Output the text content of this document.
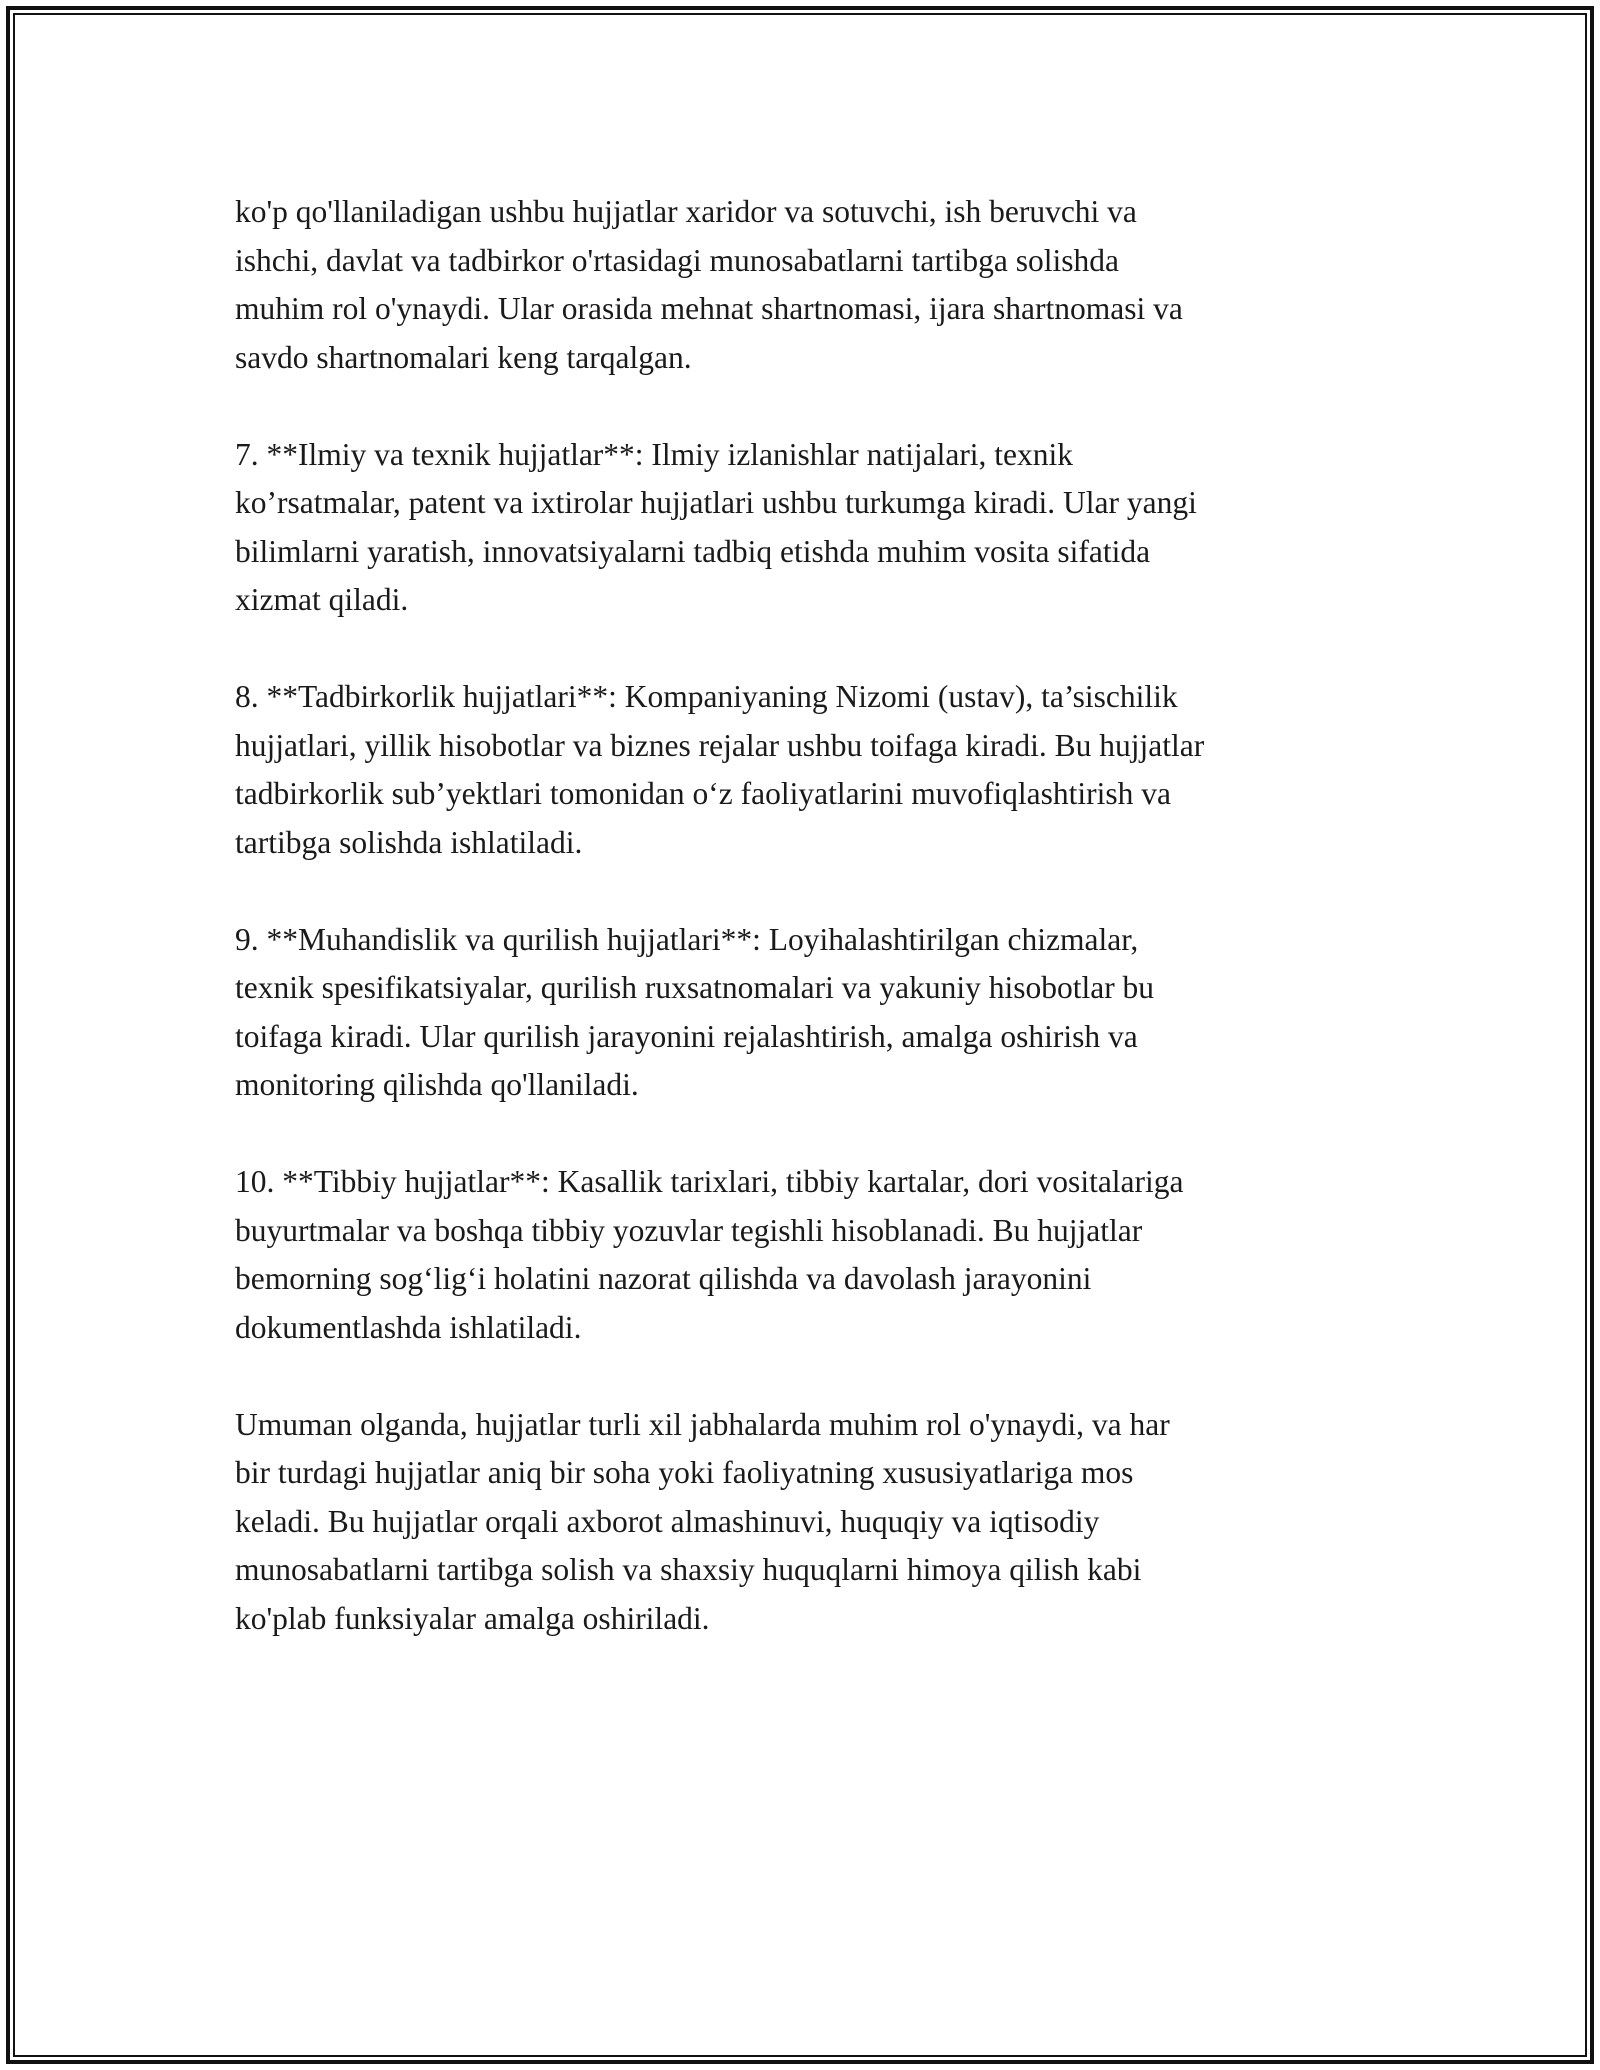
ko'p qo'llaniladigan ushbu hujjatlar xaridor va sotuvchi, ish beruvchi va
ishchi, davlat va tadbirkor o'rtasidagi munosabatlarni tartibga solishda
muhim rol o'ynaydi. Ular orasida mehnat shartnomasi, ijara shartnomasi va
savdo shartnomalari keng tarqalgan.

7. **Ilmiy va texnik hujjatlar**: Ilmiy izlanishlar natijalari, texnik
ko’rsatmalar, patent va ixtirolar hujjatlari ushbu turkumga kiradi. Ular yangi
bilimlarni yaratish, innovatsiyalarni tadbiq etishda muhim vosita sifatida
xizmat qiladi.

8. **Tadbirkorlik hujjatlari**: Kompaniyaning Nizomi (ustav), ta’sischilik
hujjatlari, yillik hisobotlar va biznes rejalar ushbu toifaga kiradi. Bu hujjatlar
tadbirkorlik sub’yektlari tomonidan o‘z faoliyatlarini muvofiqlashtirish va
tartibga solishda ishlatiladi.

9. **Muhandislik va qurilish hujjatlari**: Loyihalashtirilgan chizmalar,
texnik spesifikatsiyalar, qurilish ruxsatnomalari va yakuniy hisobotlar bu
toifaga kiradi. Ular qurilish jarayonini rejalashtirish, amalga oshirish va
monitoring qilishda qo'llaniladi.

10. **Tibbiy hujjatlar**: Kasallik tarixlari, tibbiy kartalar, dori vositalariga
buyurtmalar va boshqa tibbiy yozuvlar tegishli hisoblanadi. Bu hujjatlar
bemorning sog‘lig‘i holatini nazorat qilishda va davolash jarayonini
dokumentlashda ishlatiladi.

Umuman olganda, hujjatlar turli xil jabhalarda muhim rol o'ynaydi, va har
bir turdagi hujjatlar aniq bir soha yoki faoliyatning xususiyatlariga mos
keladi. Bu hujjatlar orqali axborot almashinuvi, huquqiy va iqtisodiy
munosabatlarni tartibga solish va shaxsiy huquqlarni himoya qilish kabi
ko'plab funksiyalar amalga oshiriladi.
